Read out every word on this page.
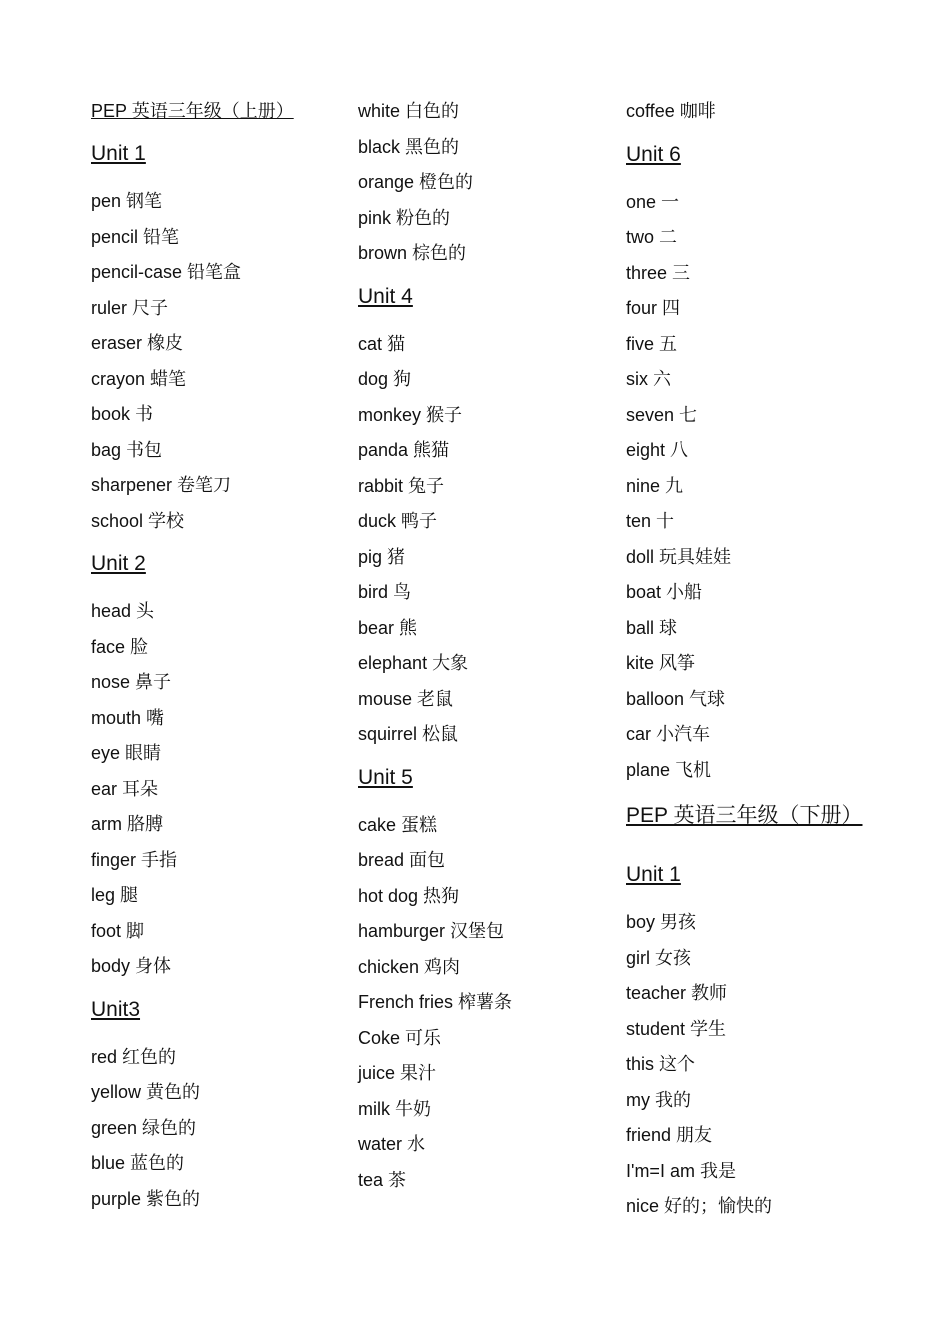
PEP 英语三年级（上册）
Unit 1
pen 钢笔
pencil 铅笔
pencil-case 铅笔盒
ruler 尺子
eraser 橡皮
crayon 蜡笔
book 书
bag 书包
sharpener 卷笔刀
school 学校
Unit 2
head 头
face 脸
nose 鼻子
mouth 嘴
eye 眼睛
ear 耳朵
arm 胳膊
finger 手指
leg 腿
foot 脚
body 身体
Unit3
red 红色的
yellow 黄色的
green 绿色的
blue 蓝色的
purple 紫色的
white 白色的
black 黑色的
orange 橙色的
pink 粉色的
brown 棕色的
Unit 4
cat 猫
dog 狗
monkey 猴子
panda 熊猫
rabbit 兔子
duck 鸭子
pig 猪
bird 鸟
bear 熊
elephant 大象
mouse 老鼠
squirrel 松鼠
Unit 5
cake 蛋糕
bread 面包
hot dog 热狗
hamburger 汉堡包
chicken 鸡肉
French fries 榨薯条
Coke 可乐
juice 果汁
milk 牛奶
water 水
tea 茶
coffee 咖啡
Unit 6
one 一
two 二
three 三
four 四
five 五
six 六
seven 七
eight 八
nine 九
ten 十
doll 玩具娃娃
boat 小船
ball 球
kite 风筝
balloon 气球
car 小汽车
plane 飞机
PEP 英语三年级（下册）
Unit 1
boy 男孩
girl 女孩
teacher 教师
student 学生
this 这个
my 我的
friend 朋友
I'm=I am 我是
nice 好的；愉快的
